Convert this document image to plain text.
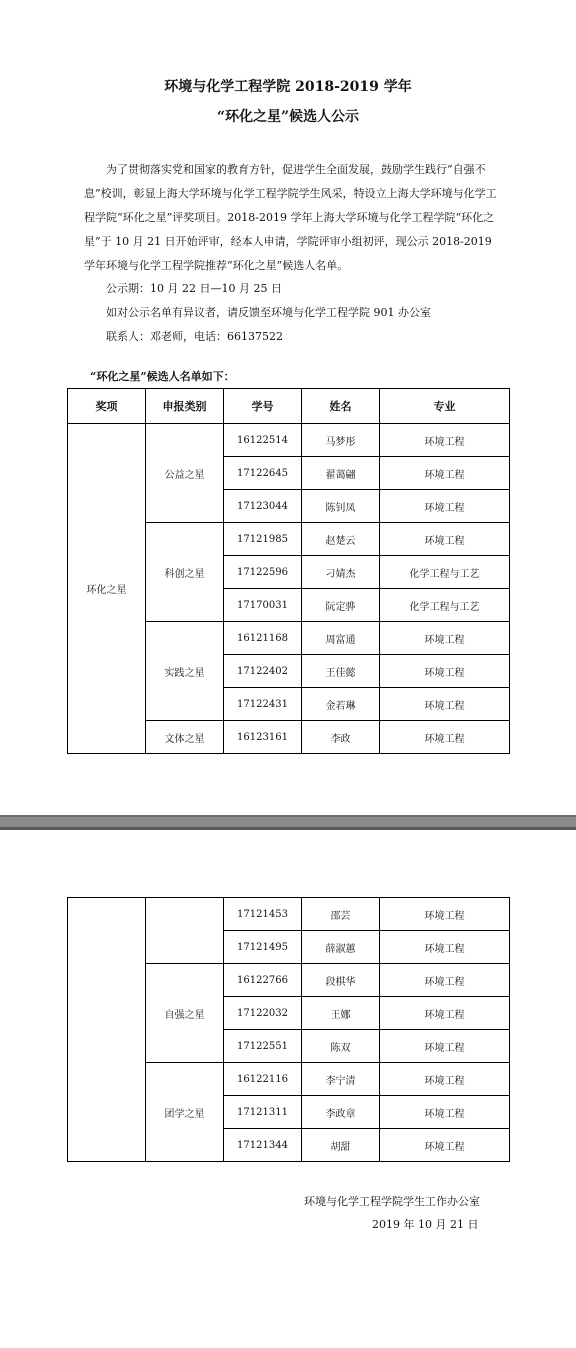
环境与化学工程学院 2018-2019 学年
“环化之星”候选人公示
为了贯彻落实党和国家的教育方针，促进学生全面发展，鼓励学生践行“自强不息”校训，彰显上海大学环境与化学工程学院学生风采，特设立上海大学环境与化学工程学院“环化之星”评奖项目。2018-2019 学年上海大学环境与化学工程学院“环化之星”于 10 月 21 日开始评审，经本人申请，学院评审小组初评，现公示 2018-2019 学年环境与化学工程学院推荐“环化之星”候选人名单。
公示期：10 月 22 日—10 月 25 日
如对公示名单有异议者，请反馈至环境与化学工程学院 901 办公室
联系人：邓老师，电话：66137522
“环化之星”候选人名单如下：
奖项	申报类别	学号	姓名	专业
环化之星	公益之星	16122514	马梦彤	环境工程
		17122645	翟蔼翩	环境工程
		17123044	陈钊凤	环境工程
	科创之星	17121985	赵楚云	环境工程
		17122596	刁婧杰	化学工程与工艺
		17170031	阮定骅	化学工程与工艺
	实践之星	16121168	周富通	环境工程
		17122402	王佳懿	环境工程
		17122431	金若琳	环境工程
	文体之星	16123161	李政	环境工程
		17121453	邵芸	环境工程
		17121495	薛淑蕙	环境工程
	自强之星	16122766	段棋华	环境工程
		17122032	王娜	环境工程
		17122551	陈双	环境工程
	团学之星	16122116	李宁清	环境工程
		17121311	李政章	环境工程
		17121344	胡甜	环境工程
环境与化学工程学院学生工作办公室
2019 年 10 月 21 日
